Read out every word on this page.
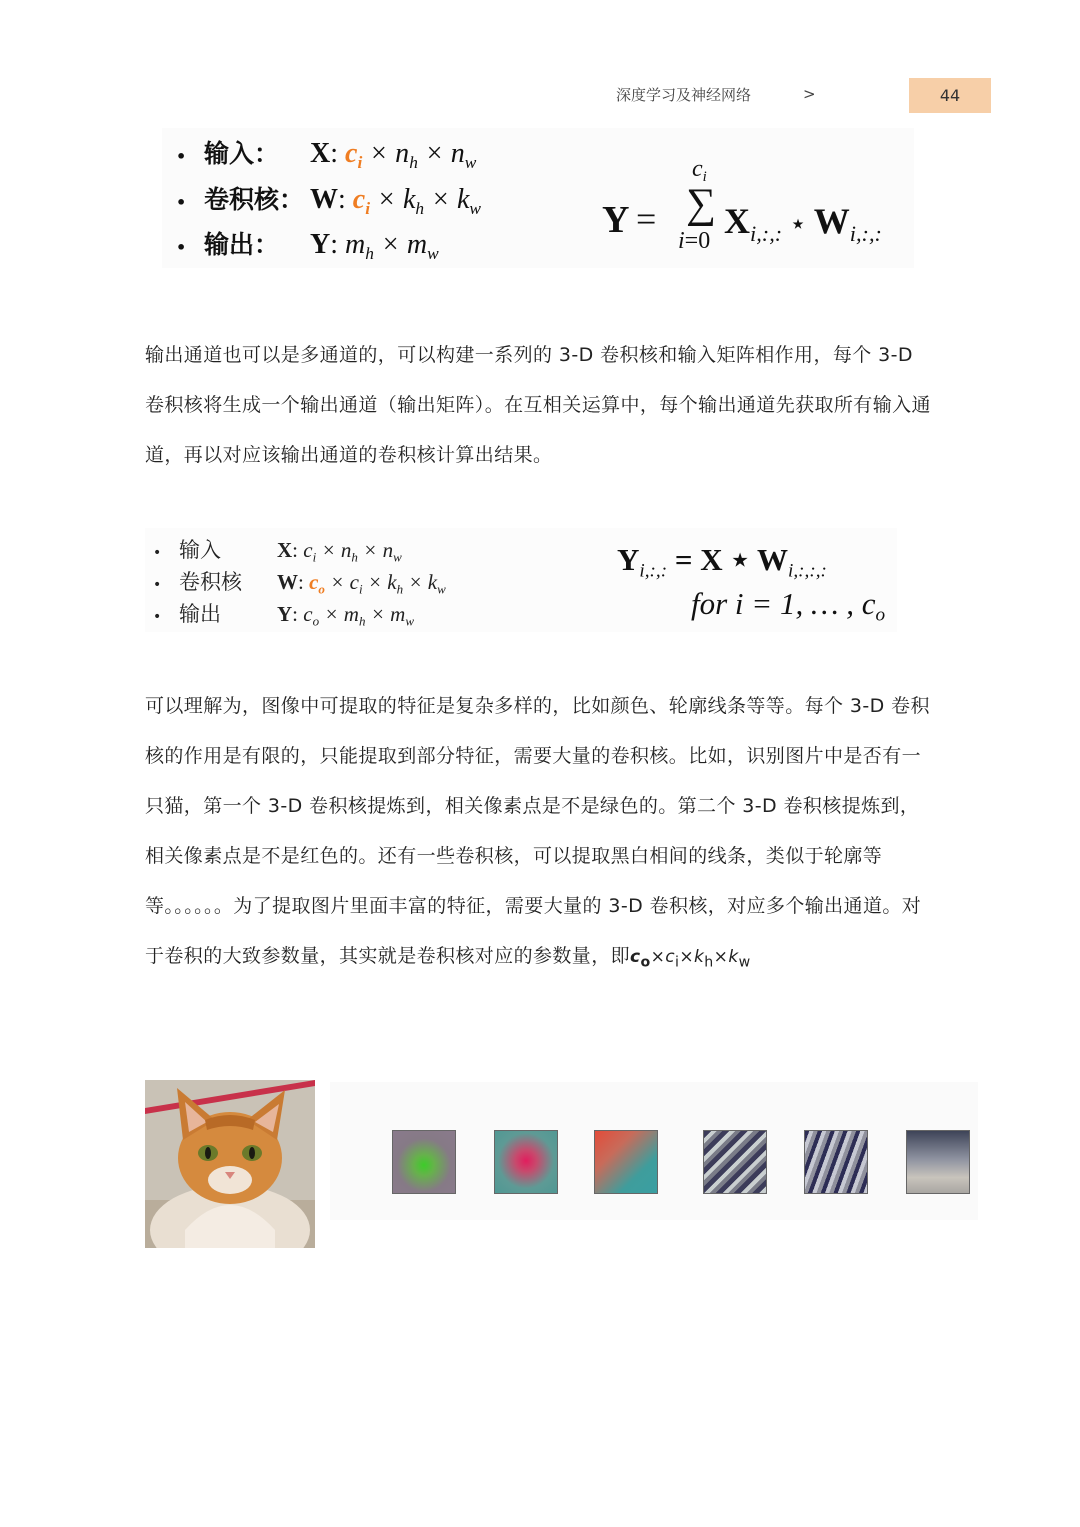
深度学习及神经网络	>	44
• 输入：	X: $c_i \times n_h \times n_w$
• 卷积核： W: $c_i \times k_h \times k_w$
• 输出：	Y: $m_h \times m_w$
Y =
$c_i$
∑
i=0 $X_{i,:,:}$ ⋆ $W_{i,:,:}$

输出通道也可以是多通道的，可以构建一系列的 3-D 卷积核和输入矩阵相作用，每个 3-D 卷积核将生成一个输出通道（输出矩阵）。在互相关运算中，每个输出通道先获取所有输入通道，再以对应该输出通道的卷积核计算出结果。

• 输入	X: $c_i \times n_h \times n_w$
• 卷积核	W: $c_o \times c_i \times k_h \times k_w$
• 输出	Y: $c_o \times m_h \times m_w$
$Y_{i,:,:} = X$ ⋆ $W_{i,:,:,:}$
for i = 1, … , $c_o$

可以理解为，图像中可提取的特征是复杂多样的，比如颜色、轮廓线条等等。每个 3-D 卷积核的作用是有限的，只能提取到部分特征，需要大量的卷积核。比如，识别图片中是否有一只猫，第一个 3-D 卷积核提炼到，相关像素点是不是绿色的。第二个 3-D 卷积核提炼到，相关像素点是不是红色的。还有一些卷积核，可以提取黑白相间的线条，类似于轮廓等等。。。。。。为了提取图片里面丰富的特征，需要大量的 3-D 卷积核，对应多个输出通道。对于卷积的大致参数量，其实就是卷积核对应的参数量，即$c_o\times c_i\times k_h\times k_w$
